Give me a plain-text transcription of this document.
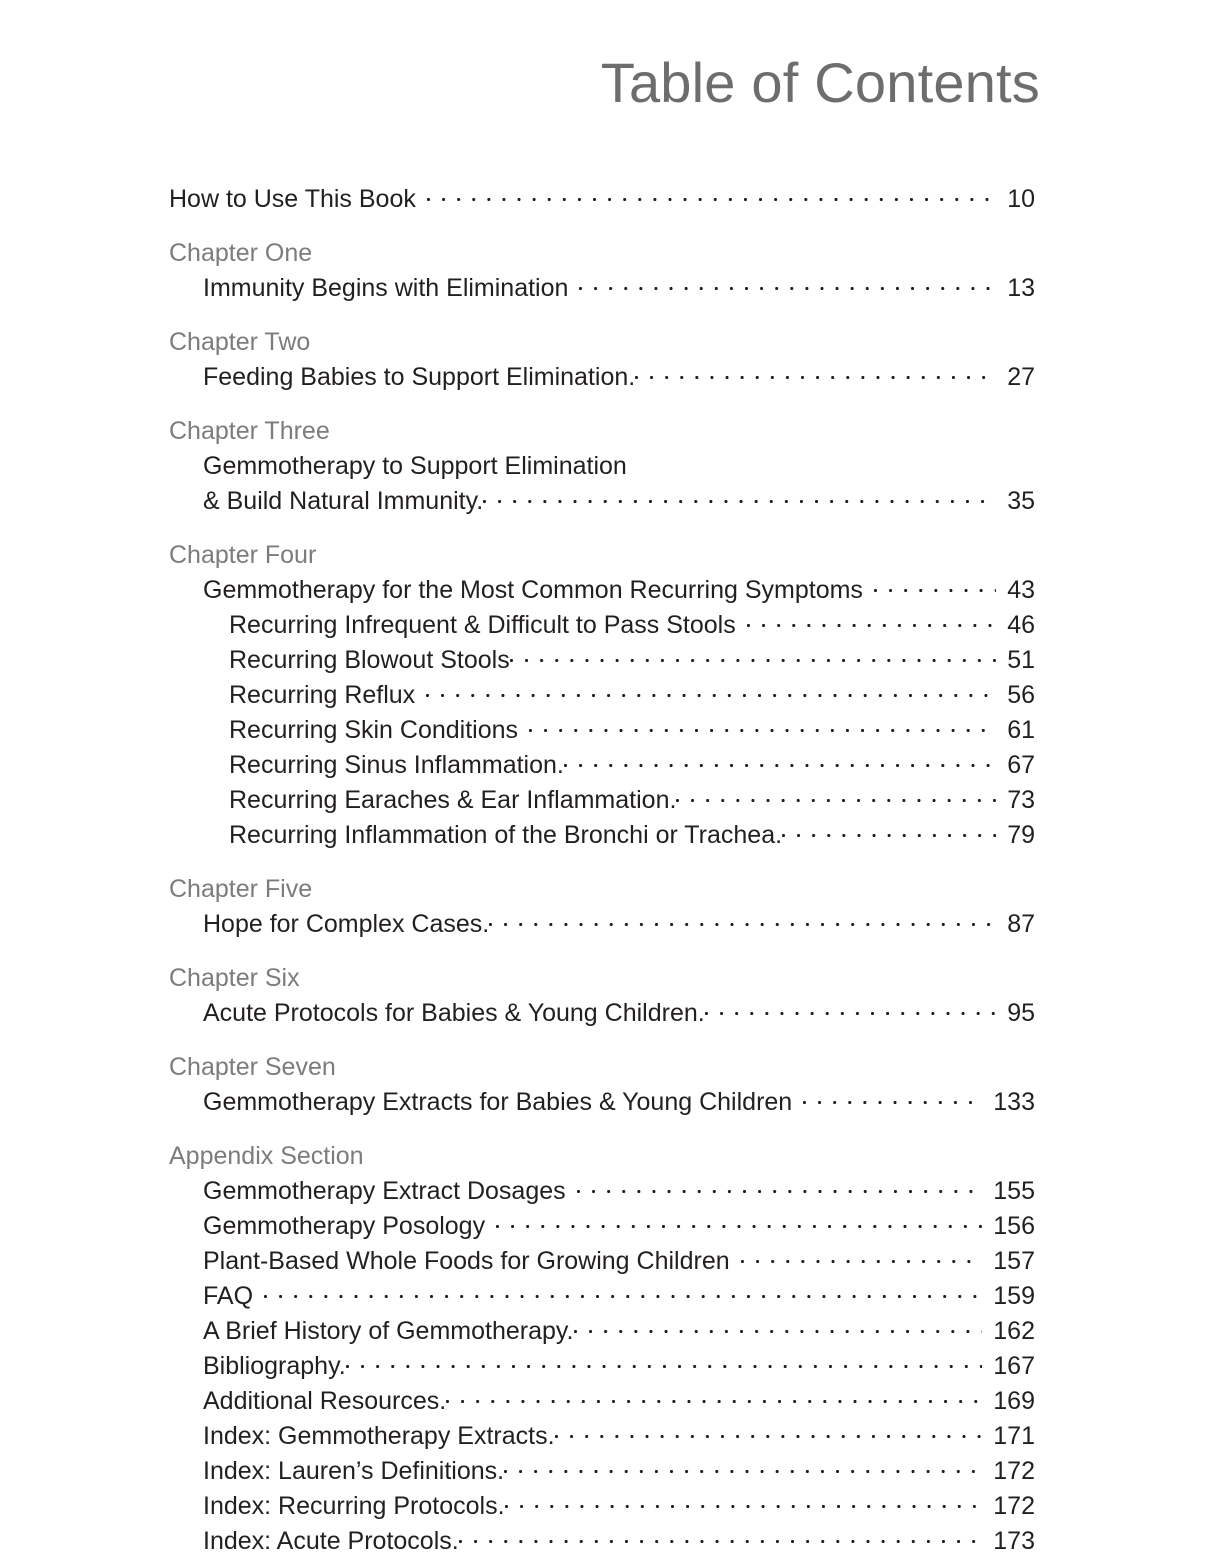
Table of Contents
How to Use This Book	10
Chapter One
Immunity Begins with Elimination	13
Chapter Two
Feeding Babies to Support Elimination.	27
Chapter Three
Gemmotherapy to Support Elimination
& Build Natural Immunity.	35
Chapter Four
Gemmotherapy for the Most Common Recurring Symptoms	43
Recurring Infrequent & Difficult to Pass Stools	46
Recurring Blowout Stools	51
Recurring Reflux	56
Recurring Skin Conditions	61
Recurring Sinus Inflammation.	67
Recurring Earaches & Ear Inflammation.	73
Recurring Inflammation of the Bronchi or Trachea.	79
Chapter Five
Hope for Complex Cases.	87
Chapter Six
Acute Protocols for Babies & Young Children.	95
Chapter Seven
Gemmotherapy Extracts for Babies & Young Children	133
Appendix Section
Gemmotherapy Extract Dosages	155
Gemmotherapy Posology	156
Plant-Based Whole Foods for Growing Children	157
FAQ	159
A Brief History of Gemmotherapy.	162
Bibliography.	167
Additional Resources.	169
Index: Gemmotherapy Extracts.	171
Index: Lauren’s Definitions.	172
Index: Recurring Protocols.	172
Index: Acute Protocols.	173
